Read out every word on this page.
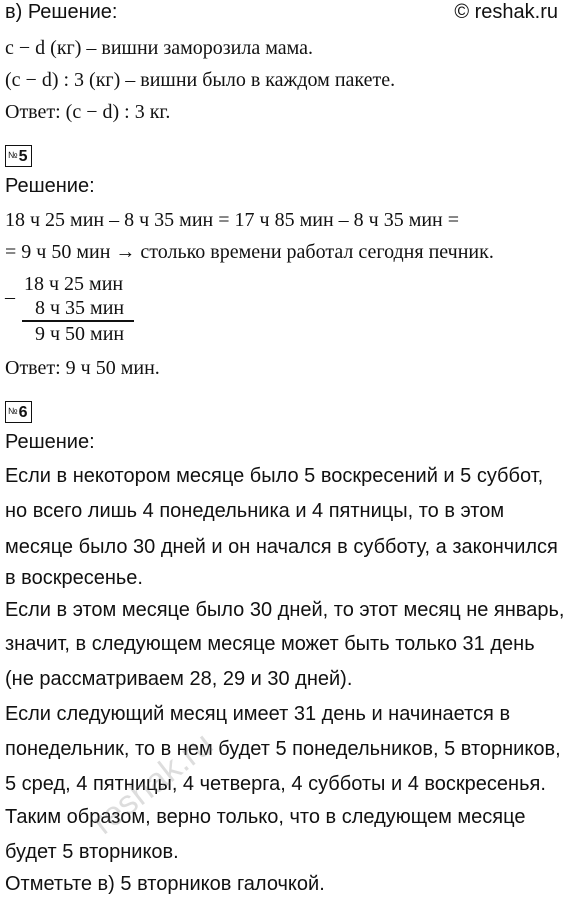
© reshak.ru
в) Решение:
c − d (кг) – вишни заморозила мама.
(c − d) : 3 (кг) – вишни было в каждом пакете.
Ответ: (c − d) : 3 кг.
№5
Решение:
18 ч 25 мин – 8 ч 35 мин = 17 ч 85 мин – 8 ч 35 мин =
= 9 ч 50 мин → столько времени работал сегодня печник.
–
18 ч 25 мин
8 ч 35 мин
9 ч 50 мин
Ответ: 9 ч 50 мин.
№6
Решение:
Если в некотором месяце было 5 воскресений и 5 суббот,
но всего лишь 4 понедельника и 4 пятницы, то в этом
месяце было 30 дней и он начался в субботу, а закончился
в воскресенье.
Если в этом месяце было 30 дней, то этот месяц не январь,
значит, в следующем месяце может быть только 31 день
(не рассматриваем 28, 29 и 30 дней).
Если следующий месяц имеет 31 день и начинается в
понедельник, то в нем будет 5 понедельников, 5 вторников,
5 сред, 4 пятницы, 4 четверга, 4 субботы и 4 воскресенья.
Таким образом, верно только, что в следующем месяце
будет 5 вторников.
Отметьте в) 5 вторников галочкой.
reshak.ru
